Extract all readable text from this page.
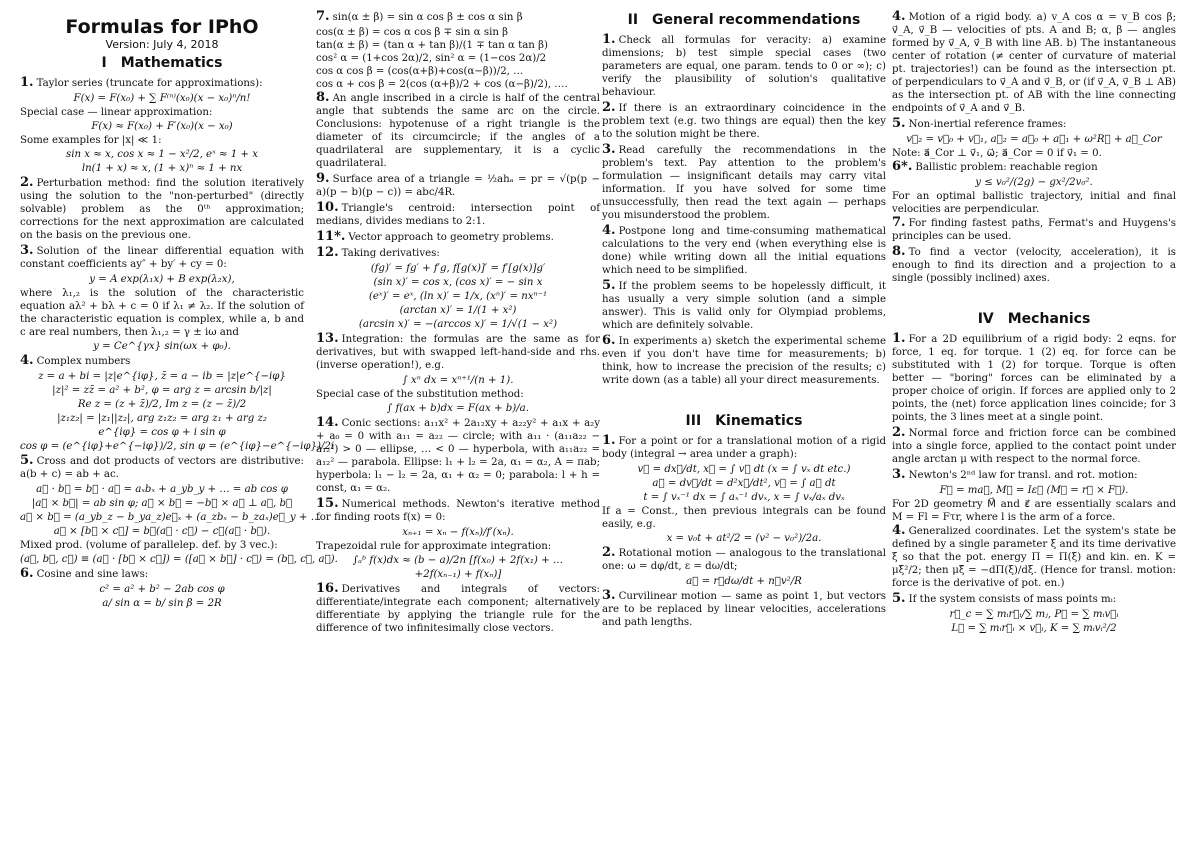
Formulas for IPhO
Version: July 4, 2018
I Mathematics
1. Taylor series (truncate for approximations):
F(x) = F(x₀) + ∑ F⁽ⁿ⁾(x₀)(x − x₀)ⁿ/n!
Special case — linear approximation:
F(x) ≈ F(x₀) + F′(x₀)(x − x₀)
Some examples for |x| ≪ 1:
sin x ≈ x, cos x ≈ 1 − x²/2, eˣ ≈ 1 + x
ln(1 + x) ≈ x, (1 + x)ⁿ ≈ 1 + nx
2. Perturbation method: find the solution iteratively using the solution to the "non-perturbed" (directly solvable) problem as the 0ᵗʰ approximation; corrections for the next approximation are calculated on the basis on the previous one.
3. Solution of the linear differential equation with constant coefficients ay″ + by′ + cy = 0:
y = A exp(λ₁x) + B exp(λ₂x),
where λ₁,₂ is the solution of the characteristic equation aλ² + bλ + c = 0 if λ₁ ≠ λ₂. If the solution of the characteristic equation is complex, while a, b and c are real numbers, then λ₁,₂ = γ ± iω and
y = Ce^{γx} sin(ωx + φ₀).
4. Complex numbers
z = a + bi = |z|e^{iφ}, z̄ = a − ib = |z|e^{−iφ}
|z|² = zz̄ = a² + b², φ = arg z = arcsin b/|z|
Re z = (z + z̄)/2, Im z = (z − z̄)/2
|z₁z₂| = |z₁||z₂|, arg z₁z₂ = arg z₁ + arg z₂
e^{iφ} = cos φ + i sin φ
cos φ = (e^{iφ}+e^{−iφ})/2, sin φ = (e^{iφ}−e^{−iφ})/2i
5. Cross and dot products of vectors are distributive: a(b + c) = ab + ac.
a⃗ · b⃗ = b⃗ · a⃗ = aₓbₓ + a_yb_y + … = ab cos φ
|a⃗ × b⃗| = ab sin φ; a⃗ × b⃗ = −b⃗ × a⃗ ⊥ a⃗, b⃗
a⃗ × b⃗ = (a_yb_z − b_ya_z)e⃗ₓ + (a_zbₓ − b_zaₓ)e⃗_y + …
a⃗ × [b⃗ × c⃗] = b⃗(a⃗ · c⃗) − c⃗(a⃗ · b⃗).
Mixed prod. (volume of parallelep. def. by 3 vec.):
(a⃗, b⃗, c⃗) ≡ (a⃗ · [b⃗ × c⃗]) = ([a⃗ × b⃗] · c⃗) = (b⃗, c⃗, a⃗).
6. Cosine and sine laws:
c² = a² + b² − 2ab cos φ
a/ sin α = b/ sin β = 2R
7. sin(α ± β) = sin α cos β ± cos α sin β
cos(α ± β) = cos α cos β ∓ sin α sin β
tan(α ± β) = (tan α + tan β)/(1 ∓ tan α tan β)
cos² α = (1+cos 2α)/2, sin² α = (1−cos 2α)/2
cos α cos β = (cos(α+β)+cos(α−β))/2, …
cos α + cos β = 2(cos (α+β)/2 + cos (α−β)/2), ….
8. An angle inscribed in a circle is half of the central angle that subtends the same arc on the circle. Conclusions: hypotenuse of a right triangle is the diameter of its circumcircle; if the angles of a quadrilateral are supplementary, it is a cyclic quadrilateral.
9. Surface area of a triangle = ½ahₐ = pr = √(p(p − a)(p − b)(p − c)) = abc/4R.
10. Triangle's centroid: intersection point of medians, divides medians to 2:1.
11*. Vector approach to geometry problems.
12. Taking derivatives:
(fg)′ = fg′ + f′g, f[g(x)]′ = f′[g(x)]g′
(sin x)′ = cos x, (cos x)′ = − sin x
(eˣ)′ = eˣ, (ln x)′ = 1/x, (xⁿ)′ = nxⁿ⁻¹
(arctan x)′ = 1/(1 + x²)
(arcsin x)′ = −(arccos x)′ = 1/√(1 − x²)
13. Integration: the formulas are the same as for derivatives, but with swapped left-hand-side and rhs. (inverse operation!), e.g.
∫ xⁿ dx = xⁿ⁺¹/(n + 1).
Special case of the substitution method:
∫ f(ax + b)dx = F(ax + b)/a.
14. Conic sections: a₁₁x² + 2a₁₂xy + a₂₂y² + a₁x + a₂y + a₀ = 0 with a₁₁ = a₂₂ — circle; with a₁₁ · (a₁₁a₂₂ − a₁₂²) > 0 — ellipse, … < 0 — hyperbola, with a₁₁a₂₂ = a₁₂² — parabola. Ellipse: l₁ + l₂ = 2a, α₁ = α₂, A = πab; hyperbola: l₁ − l₂ = 2a, α₁ + α₂ = 0; parabola: l + h = const, α₁ = α₂.
15. Numerical methods. Newton's iterative method for finding roots f(x) = 0:
xₙ₊₁ = xₙ − f(xₙ)/f′(xₙ).
Trapezoidal rule for approximate integration:
∫ₐᵇ f(x)dx ≈ (b − a)/2n [f(x₀) + 2f(x₁) + …
+2f(xₙ₋₁) + f(xₙ)]
16. Derivatives and integrals of vectors: differentiate/integrate each component; alternatively differentiate by applying the triangle rule for the difference of two infinitesimally close vectors.
II General recommendations
1. Check all formulas for veracity: a) examine dimensions; b) test simple special cases (two parameters are equal, one param. tends to 0 or ∞); c) verify the plausibility of solution's qualitative behaviour.
2. If there is an extraordinary coincidence in the problem text (e.g. two things are equal) then the key to the solution might be there.
3. Read carefully the recommendations in the problem's text. Pay attention to the problem's formulation — insignificant details may carry vital information. If you have solved for some time unsuccessfully, then read the text again — perhaps you misunderstood the problem.
4. Postpone long and time-consuming mathematical calculations to the very end (when everything else is done) while writing down all the initial equations which need to be simplified.
5. If the problem seems to be hopelessly difficult, it has usually a very simple solution (and a simple answer). This is valid only for Olympiad problems, which are definitely solvable.
6. In experiments a) sketch the experimental scheme even if you don't have time for measurements; b) think, how to increase the precision of the results; c) write down (as a table) all your direct measurements.
III Kinematics
1. For a point or for a translational motion of a rigid body (integral → area under a graph):
v⃗ = dx⃗/dt, x⃗ = ∫ v⃗ dt (x = ∫ vₓ dt etc.)
a⃗ = dv⃗/dt = d²x⃗/dt², v⃗ = ∫ a⃗ dt
t = ∫ vₓ⁻¹ dx = ∫ aₓ⁻¹ dvₓ, x = ∫ vₓ/aₓ dvₓ
If a = Const., then previous integrals can be found easily, e.g.
x = v₀t + at²/2 = (v² − v₀²)/2a.
2. Rotational motion — analogous to the translational one: ω = dφ/dt, ε = dω/dt;
a⃗ = r⃗dω/dt + n⃗v²/R
3. Curvilinear motion — same as point 1, but vectors are to be replaced by linear velocities, accelerations and path lengths.
4. Motion of a rigid body. a) v_A cos α = v_B cos β; v⃗_A, v⃗_B — velocities of pts. A and B; α, β — angles formed by v⃗_A, v⃗_B with line AB. b) The instantaneous center of rotation (≠ center of curvature of material pt. trajectories!) can be found as the intersection pt. of perpendiculars to v⃗_A and v⃗_B, or (if v⃗_A, v⃗_B ⊥ AB) as the intersection pt. of AB with the line connecting endpoints of v⃗_A and v⃗_B.
5. Non-inertial reference frames:
v⃗₂ = v⃗₀ + v⃗₁, a⃗₂ = a⃗₀ + a⃗₁ + ω²R⃗ + a⃗_Cor
Note: a⃗_Cor ⊥ v⃗₁, ω⃗; a⃗_Cor = 0 if v⃗₁ = 0.
6*. Ballistic problem: reachable region
y ≤ v₀²/(2g) − gx²/2v₀².
For an optimal ballistic trajectory, initial and final velocities are perpendicular.
7. For finding fastest paths, Fermat's and Huygens's principles can be used.
8. To find a vector (velocity, acceleration), it is enough to find its direction and a projection to a single (possibly inclined) axes.
IV Mechanics
1. For a 2D equilibrium of a rigid body: 2 eqns. for force, 1 eq. for torque. 1 (2) eq. for force can be substituted with 1 (2) for torque. Torque is often better — "boring" forces can be eliminated by a proper choice of origin. If forces are applied only to 2 points, the (net) force application lines coincide; for 3 points, the 3 lines meet at a single point.
2. Normal force and friction force can be combined into a single force, applied to the contact point under angle arctan μ with respect to the normal force.
3. Newton's 2ⁿᵈ law for transl. and rot. motion:
F⃗ = ma⃗, M⃗ = Iε⃗ (M⃗ = r⃗ × F⃗).
For 2D geometry M⃗ and ε⃗ are essentially scalars and M = Fl = Fτr, where l is the arm of a force.
4. Generalized coordinates. Let the system's state be defined by a single parameter ξ and its time derivative ξ̇ so that the pot. energy Π = Π(ξ) and kin. en. K = μξ̇²/2; then μξ̈ = −dΠ(ξ)/dξ. (Hence for transl. motion: force is the derivative of pot. en.)
5. If the system consists of mass points mᵢ:
r⃗_c = ∑ mᵢr⃗ᵢ/∑ mⱼ, P⃗ = ∑ mᵢv⃗ᵢ
L⃗ = ∑ mᵢr⃗ᵢ × v⃗ᵢ, K = ∑ mᵢvᵢ²/2
